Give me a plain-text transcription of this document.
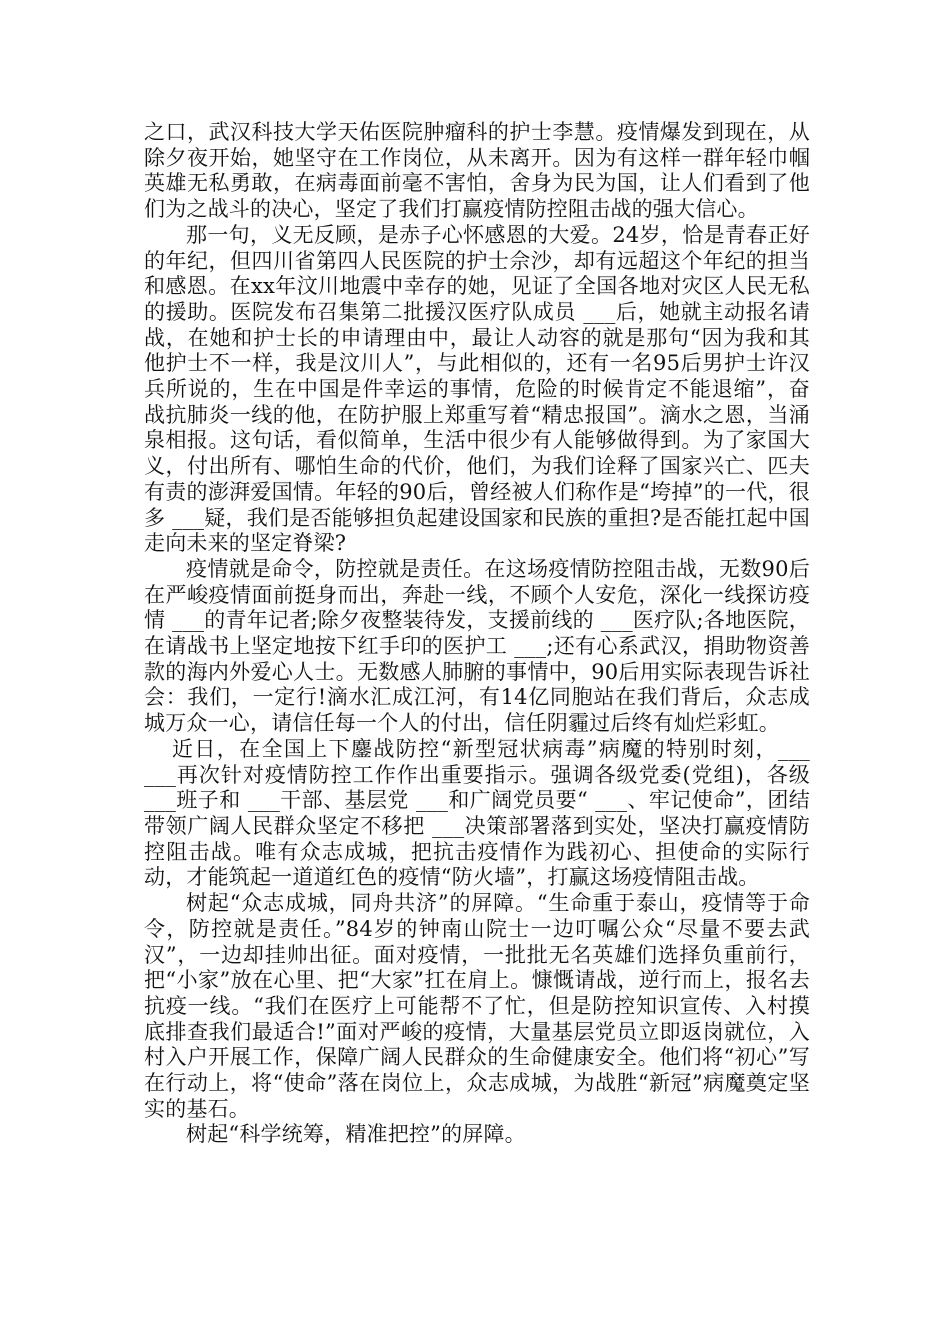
之口，武汉科技大学天佑医院肿瘤科的护士李慧。疫情爆发到现在，从除夕夜开始，她坚守在工作岗位，从未离开。因为有这样一群年轻巾帼英雄无私勇敢，在病毒面前毫不害怕，舍身为民为国，让人们看到了他们为之战斗的决心，坚定了我们打赢疫情防控阻击战的强大信心。

那一句，义无反顾，是赤子心怀感恩的大爱。24岁，恰是青春正好的年纪，但四川省第四人民医院的护士佘沙，却有远超这个年纪的担当和感恩。在xx年汶川地震中幸存的她，见证了全国各地对灾区人民无私的援助。医院发布召集第二批援汉医疗队成员 ___后，她就主动报名请战，在她和护士长的申请理由中，最让人动容的就是那句“因为我和其他护士不一样，我是汶川人”，与此相似的，还有一名95后男护士许汉兵所说的，生在中国是件幸运的事情，危险的时候肯定不能退缩”，奋战抗肺炎一线的他，在防护服上郑重写着“精忠报国”。滴水之恩，当涌泉相报。这句话，看似简单，生活中很少有人能够做得到。为了家国大义，付出所有、哪怕生命的代价，他们，为我们诠释了国家兴亡、匹夫有责的澎湃爱国情。年轻的90后，曾经被人们称作是“垮掉”的一代，很多 ___疑，我们是否能够担负起建设国家和民族的重担?是否能扛起中国走向未来的坚定脊梁?

疫情就是命令，防控就是责任。在这场疫情防控阻击战，无数90后在严峻疫情面前挺身而出，奔赴一线，不顾个人安危，深化一线探访疫情 ___的青年记者;除夕夜整装待发，支援前线的 ___医疗队;各地医院，在请战书上坚定地按下红手印的医护工 ___;还有心系武汉，捐助物资善款的海内外爱心人士。无数感人肺腑的事情中，90后用实际表现告诉社会：我们，一定行!滴水汇成江河，有14亿同胞站在我们背后，众志成城万众一心，请信任每一个人的付出，信任阴霾过后终有灿烂彩虹。

近日，在全国上下鏖战防控“新型冠状病毒”病魔的特别时刻，___ ___再次针对疫情防控工作作出重要指示。强调各级党委(党组)，各级 ___班子和 ___干部、基层党 ___和广阔党员要“ ___、牢记使命”，团结带领广阔人民群众坚定不移把 ___决策部署落到实处，坚决打赢疫情防控阻击战。唯有众志成城，把抗击疫情作为践初心、担使命的实际行动，才能筑起一道道红色的疫情“防火墙”，打赢这场疫情阻击战。

树起“众志成城，同舟共济”的屏障。“生命重于泰山，疫情等于命令，防控就是责任。”84岁的钟南山院士一边叮嘱公众“尽量不要去武汉”，一边却挂帅出征。面对疫情，一批批无名英雄们选择负重前行，把“小家”放在心里、把“大家”扛在肩上。慷慨请战，逆行而上，报名去抗疫一线。“我们在医疗上可能帮不了忙，但是防控知识宣传、入村摸底排查我们最适合!”面对严峻的疫情，大量基层党员立即返岗就位，入村入户开展工作，保障广阔人民群众的生命健康安全。他们将“初心”写在行动上，将“使命”落在岗位上，众志成城，为战胜“新冠”病魔奠定坚实的基石。

树起“科学统筹，精准把控”的屏障。
